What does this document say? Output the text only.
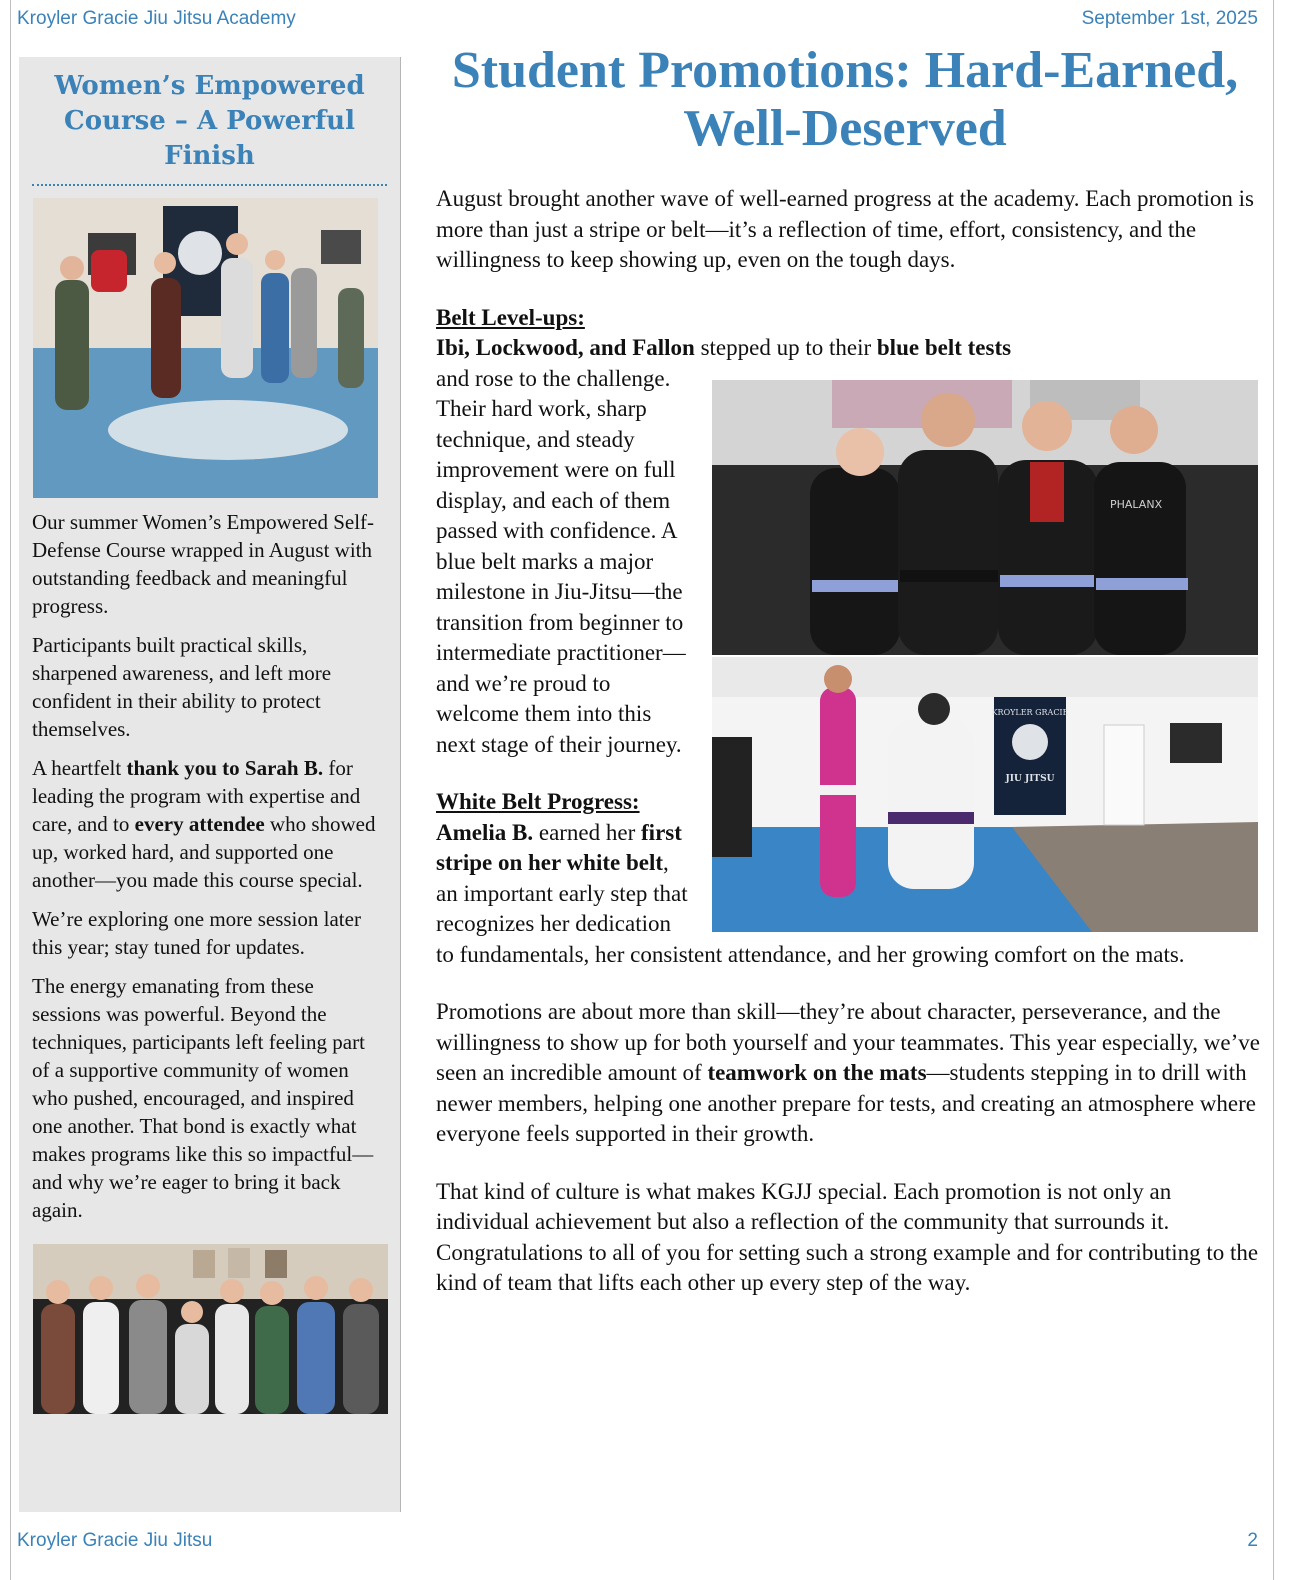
Kroyler Gracie Jiu Jitsu Academy	September 1st, 2025
Women’s Empowered
Course – A Powerful
Finish

Our summer Women’s Empowered Self-Defense Course wrapped in August with outstanding feedback and meaningful progress.

Participants built practical skills, sharpened awareness, and left more confident in their ability to protect themselves.

A heartfelt thank you to Sarah B. for leading the program with expertise and care, and to every attendee who showed up, worked hard, and supported one another—you made this course special.

We’re exploring one more session later this year; stay tuned for updates.

The energy emanating from these sessions was powerful. Beyond the techniques, participants left feeling part of a supportive community of women who pushed, encouraged, and inspired one another. That bond is exactly what makes programs like this so impactful—and why we’re eager to bring it back again.

Student Promotions: Hard-Earned,
Well-Deserved

August brought another wave of well-earned progress at the academy. Each promotion is more than just a stripe or belt—it’s a reflection of time, effort, consistency, and the willingness to keep showing up, even on the tough days.

Belt Level-ups:
Ibi, Lockwood, and Fallon stepped up to their blue belt tests
PHALANX
KROYLER GRACIE
JIU JITSU

and rose to the challenge. Their hard work, sharp technique, and steady improvement were on full display, and each of them passed with confidence. A blue belt marks a major milestone in Jiu-Jitsu—the transition from beginner to intermediate practitioner—and we’re proud to welcome them into this next stage of their journey.

White Belt Progress:
Amelia B. earned her first stripe on her white belt, an important early step that recognizes her dedication to fundamentals, her consistent attendance, and her growing comfort on the mats.

Promotions are about more than skill—they’re about character, perseverance, and the willingness to show up for both yourself and your teammates. This year especially, we’ve seen an incredible amount of teamwork on the mats—students stepping in to drill with newer members, helping one another prepare for tests, and creating an atmosphere where everyone feels supported in their growth.

That kind of culture is what makes KGJJ special. Each promotion is not only an individual achievement but also a reflection of the community that surrounds it. Congratulations to all of you for setting such a strong example and for contributing to the kind of team that lifts each other up every step of the way.

Kroyler Gracie Jiu Jitsu	2
